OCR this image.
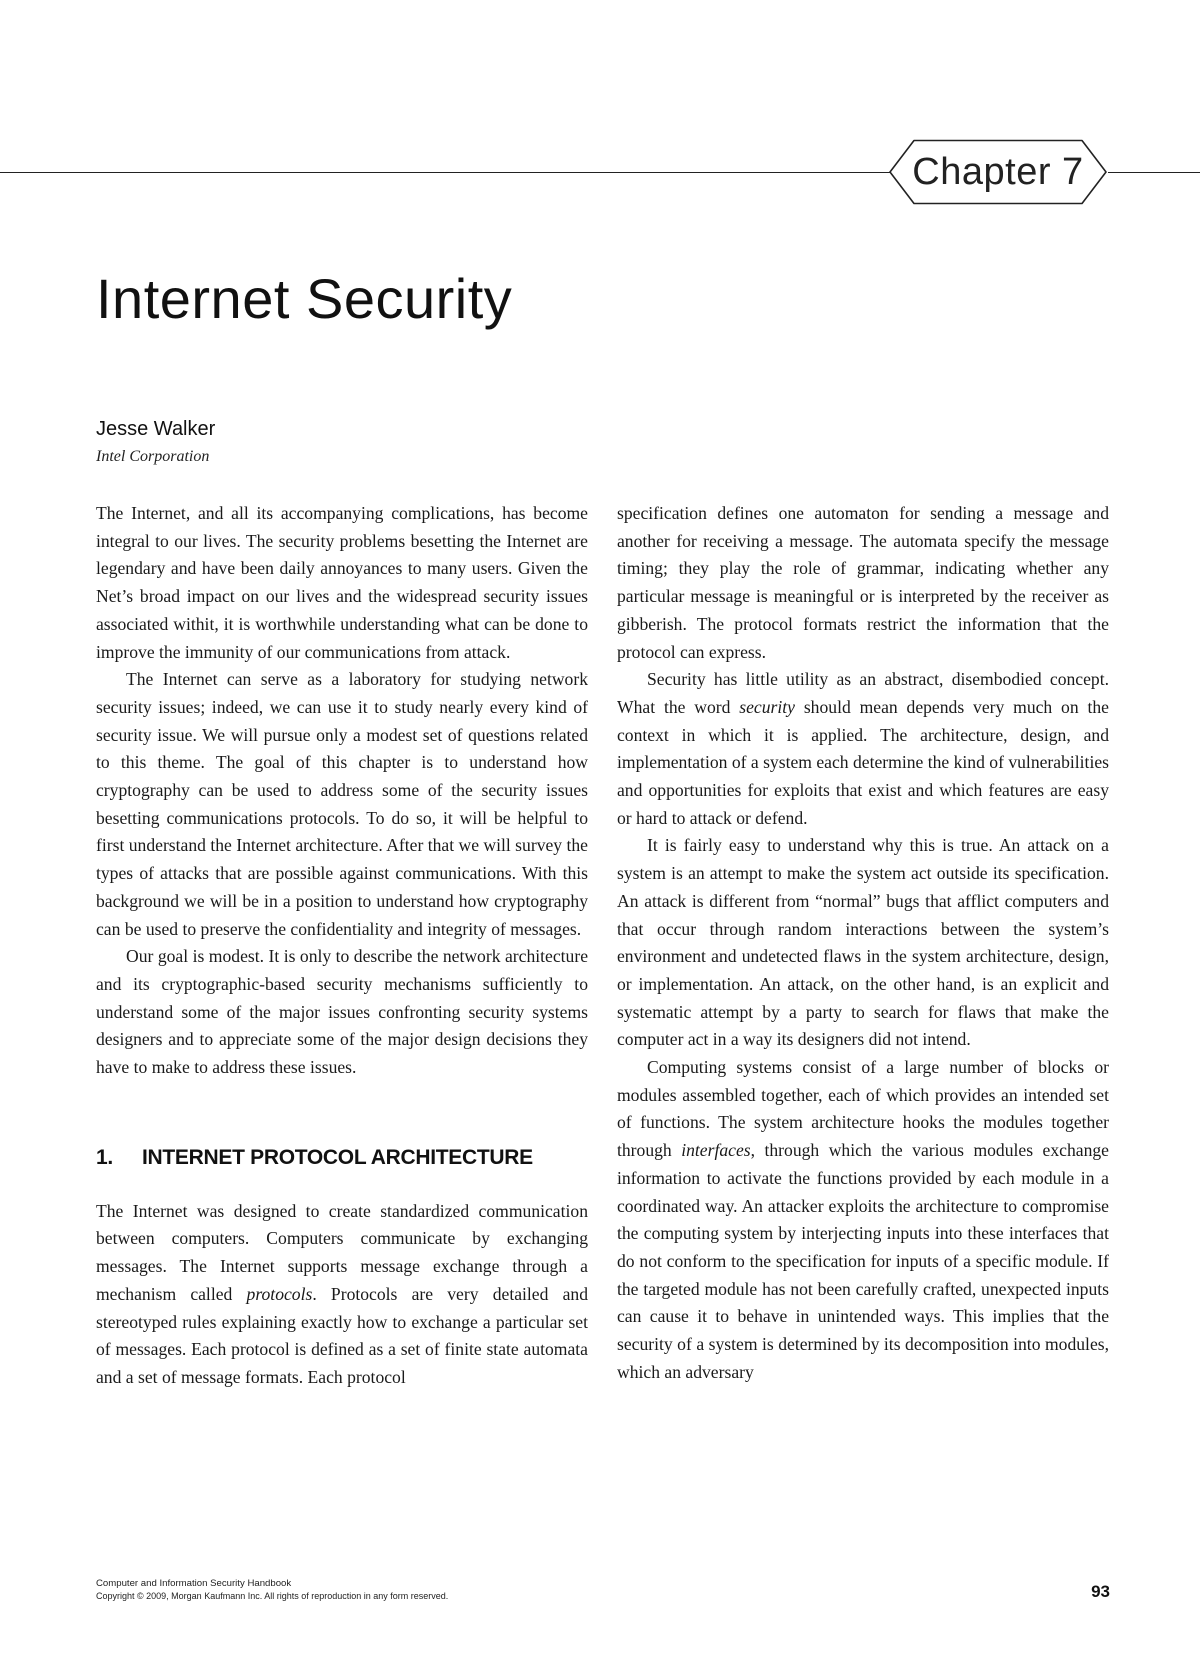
Chapter 7
Internet Security
Jesse Walker
Intel Corporation

The Internet, and all its accompanying complications, has become integral to our lives. The security problems besetting the Internet are legendary and have been daily annoyances to many users. Given the Net’s broad impact on our lives and the widespread security issues associated withit, it is worthwhile understanding what can be done to improve the immunity of our communications from attack.

The Internet can serve as a laboratory for studying network security issues; indeed, we can use it to study nearly every kind of security issue. We will pursue only a modest set of questions related to this theme. The goal of this chapter is to understand how cryptography can be used to address some of the security issues besetting communications protocols. To do so, it will be helpful to first understand the Internet architecture. After that we will survey the types of attacks that are possible against communications. With this background we will be in a position to understand how cryptography can be used to preserve the confidentiality and integrity of messages.

Our goal is modest. It is only to describe the network architecture and its cryptographic-based security mechanisms sufficiently to understand some of the major issues confronting security systems designers and to appreciate some of the major design decisions they have to make to address these issues.

1. INTERNET PROTOCOL ARCHITECTURE

The Internet was designed to create standardized communication between computers. Computers communicate by exchanging messages. The Internet supports message exchange through a mechanism called protocols. Protocols are very detailed and stereotyped rules explaining exactly how to exchange a particular set of messages. Each protocol is defined as a set of finite state automata and a set of message formats. Each protocol

specification defines one automaton for sending a message and another for receiving a message. The automata specify the message timing; they play the role of grammar, indicating whether any particular message is meaningful or is interpreted by the receiver as gibberish. The protocol formats restrict the information that the protocol can express.

Security has little utility as an abstract, disembodied concept. What the word security should mean depends very much on the context in which it is applied. The architecture, design, and implementation of a system each determine the kind of vulnerabilities and opportunities for exploits that exist and which features are easy or hard to attack or defend.

It is fairly easy to understand why this is true. An attack on a system is an attempt to make the system act outside its specification. An attack is different from “normal” bugs that afflict computers and that occur through random interactions between the system’s environment and undetected flaws in the system architecture, design, or implementation. An attack, on the other hand, is an explicit and systematic attempt by a party to search for flaws that make the computer act in a way its designers did not intend.

Computing systems consist of a large number of blocks or modules assembled together, each of which provides an intended set of functions. The system architecture hooks the modules together through interfaces, through which the various modules exchange information to activate the functions provided by each module in a coordinated way. An attacker exploits the architecture to compromise the computing system by interjecting inputs into these interfaces that do not conform to the specification for inputs of a specific module. If the targeted module has not been carefully crafted, unexpected inputs can cause it to behave in unintended ways. This implies that the security of a system is determined by its decomposition into modules, which an adversary

Computer and Information Security Handbook
Copyright © 2009, Morgan Kaufmann Inc. All rights of reproduction in any form reserved.	93
